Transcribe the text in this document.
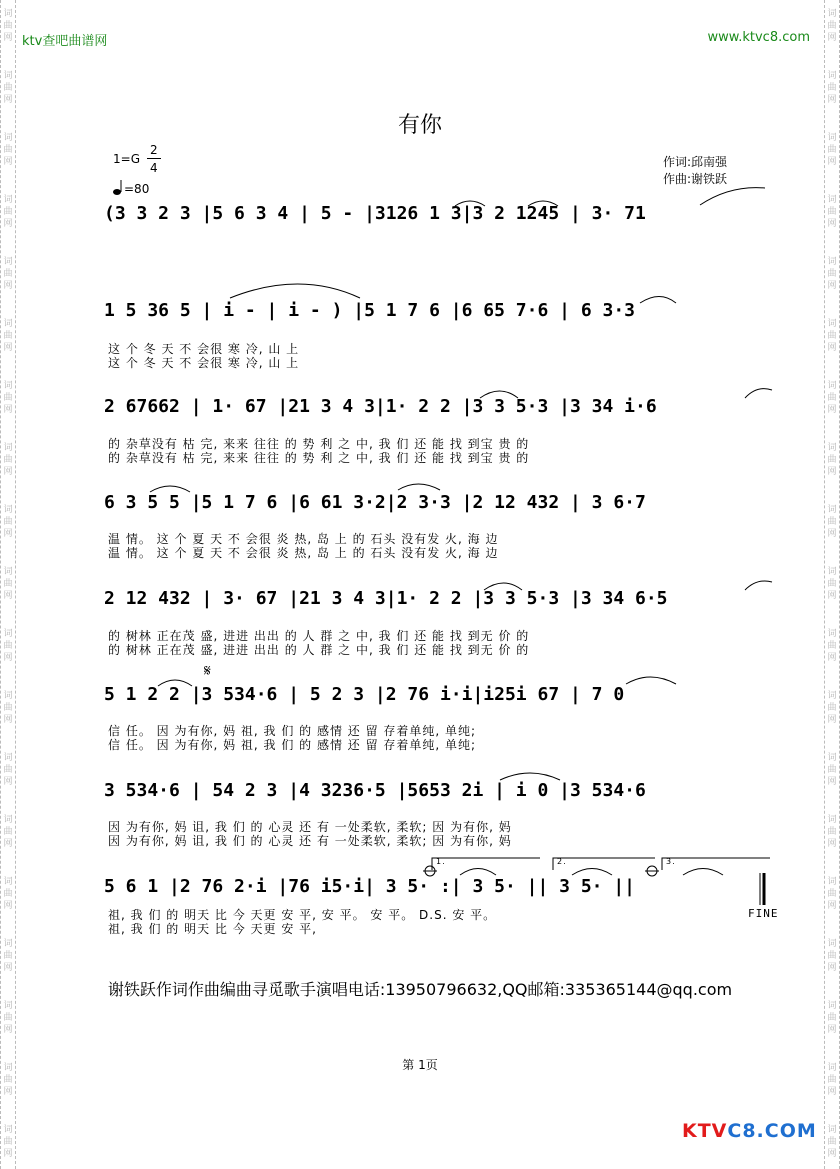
词
曲
网
词
曲
网
词
曲
网
词
曲
网
词
曲
网
词
曲
网
词
曲
网
词
曲
网
词
曲
网
词
曲
网
词
曲
网
词
曲
网
词
曲
网
词
曲
网
词
曲
网
词
曲
网
词
曲
网
词
曲
网
词
曲
网
词
曲
网
词
曲
网
词
曲
网
词
曲
网
词
曲
网
词
曲
网
词
曲
网
词
曲
网
词
曲
网
词
曲
网
词
曲
网
词
曲
网
词
曲
网
词
曲
网
词
曲
网
词
曲
网
词
曲
网
词
曲
网
词
曲
网
ktv查吧曲谱网	www.ktvc8.com
有你
1=G
2
4
=80
作词:邱南强
作曲:谢铁跃
(3 3 2 3 |5 6 3 4 | 5 - |3126 1 3|3 2 1245 | 3· 71
1 5 36 5 | i - | i - ) |5 1 7 6 |6 65 7·6 | 6 3·3
这 个 冬 天 不 会很 寒 冷, 山 上
这 个 冬 天 不 会很 寒 冷, 山 上
2 67662 | 1· 67 |21 3 4 3|1· 2 2 |3 3 5·3 |3 34 i·6
的 杂草没有 枯 完, 来来 往往 的 势 利 之 中, 我 们 还 能 找 到宝 贵 的
的 杂草没有 枯 完, 来来 往往 的 势 利 之 中, 我 们 还 能 找 到宝 贵 的
6 3 5 5 |5 1 7 6 |6 61 3·2|2 3·3 |2 12 432 | 3 6·7
温 情。 这 个 夏 天 不 会很 炎 热, 岛 上 的 石头 没有发 火, 海 边
温 情。 这 个 夏 天 不 会很 炎 热, 岛 上 的 石头 没有发 火, 海 边
2 12 432 | 3· 67 |21 3 4 3|1· 2 2 |3 3 5·3 |3 34 6·5
的 树林 正在茂 盛, 进进 出出 的 人 群 之 中, 我 们 还 能 找 到无 价 的
的 树林 正在茂 盛, 进进 出出 的 人 群 之 中, 我 们 还 能 找 到无 价 的
5 1 2 2 |3 534·6 | 5 2 3 |2 76 i·i|i25i 67 | 7 0
信 任。 因 为有你, 妈 祖, 我 们 的 感情 还 留 存着单纯, 单纯;
信 任。 因 为有你, 妈 祖, 我 们 的 感情 还 留 存着单纯, 单纯;
3 534·6 | 54 2 3 |4 3236·5 |5653 2i | i 0 |3 534·6
因 为有你, 妈 诅, 我 们 的 心灵 还 有 一处柔软, 柔软; 因 为有你, 妈
因 为有你, 妈 诅, 我 们 的 心灵 还 有 一处柔软, 柔软; 因 为有你, 妈
5 6 1 |2 76 2·i |76 i5·i| 3 5· :| 3 5· || 3 5· ||
祖, 我 们 的 明天 比 今 天更 安 平, 安 平。 安 平。 D.S. 安 平。
祖, 我 们 的 明天 比 今 天更 安 平,
𝄋
1.	2.	3.
FINE
谢铁跃作词作曲编曲寻觅歌手演唱电话:13950796632,QQ邮箱:335365144@qq.com
第 1页
KTVC8.COM
